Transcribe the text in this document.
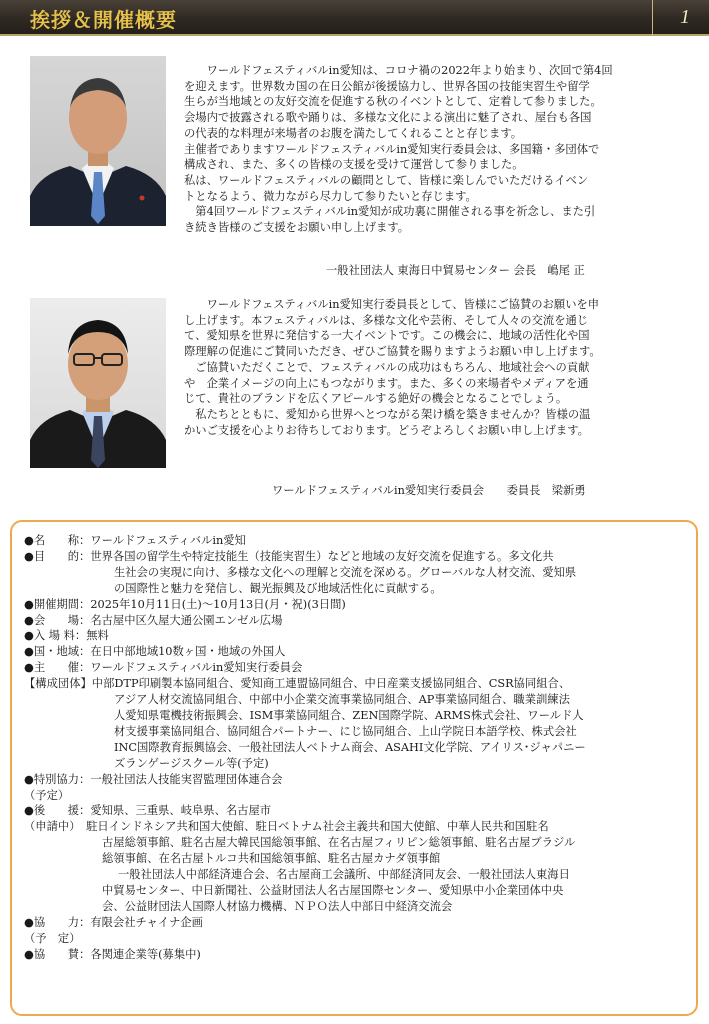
挨拶＆開催概要	1

　　ワールドフェスティバルin愛知は、コロナ禍の2022年より始まり、次回で第4回

を迎えます。世界数カ国の在日公館が後援協力し、世界各国の技能実習生や留学

生らが当地域との友好交流を促進する秋のイベントとして、定着して参りました。

会場内で披露される歌や踊りは、多様な文化による演出に魅了され、屋台も各国

の代表的な料理が来場者のお腹を満たしてくれることと存じます。

主催者でありますワールドフェスティバルin愛知実行委員会は、多国籍・多団体で

構成され、また、多くの皆様の支援を受けて運営して参りました。

私は、ワールドフェスティバルの顧問として、皆様に楽しんでいただけるイベン

トとなるよう、微力ながら尽力して参りたいと存じます。

　第4回ワールドフェスティバルin愛知が成功裏に開催される事を祈念し、また引

き続き皆様のご支援をお願い申し上げます。

一般社団法人 東海日中貿易センター 会長　嶋尾 正

　　ワールドフェスティバルin愛知実行委員長として、皆様にご協賛のお願いを申

し上げます。本フェスティバルは、多様な文化や芸術、そして人々の交流を通じ

て、愛知県を世界に発信する一大イベントです。この機会に、地域の活性化や国

際理解の促進にご賛同いただき、ぜひご協賛を賜りますようお願い申し上げます。

　ご協賛いただくことで、フェスティバルの成功はもちろん、地域社会への貢献

や　企業イメージの向上にもつながります。また、多くの来場者やメディアを通

じて、貴社のブランドを広くアピールする絶好の機会となることでしょう。

　私たちとともに、愛知から世界へとつながる架け橋を築きませんか？皆様の温

かいご支援を心よりお待ちしております。どうぞよろしくお願い申し上げます。

ワールドフェスティバルin愛知実行委員会　　委員長　梁新勇

●名　　称：ワールドフェスティバルin愛知

●目　　的：世界各国の留学生や特定技能生（技能実習生）などと地域の友好交流を促進する。多文化共

生社会の実現に向け、多様な文化への理解と交流を深める。グローバルな人材交流、愛知県

の国際性と魅力を発信し、観光振興及び地域活性化に貢献する。

●開催期間：2025年10月11日(土)～10月13日(月・祝)(3日間)

●会　　場：名古屋中区久屋大通公園エンゼル広場

●入 場 料：無料

●国・地域：在日中部地域10数ヶ国・地域の外国人

●主　　催：ワールドフェスティバルin愛知実行委員会

【構成団体】中部DTP印刷製本協同組合、愛知商工連盟協同組合、中日産業支援協同組合、CSR協同組合、

アジア人材交流協同組合、中部中小企業交流事業協同組合、AP事業協同組合、職業訓練法

人愛知県電機技術振興会、ISM事業協同組合、ZEN国際学院、ARMS株式会社、ワールド人

材支援事業協同組合、協同組合パートナー、にじ協同組合、上山学院日本語学校、株式会社

INC国際教育振興協会、一般社団法人ベトナム商会、ASAHI文化学院、アイリス･ジャパニー

ズランゲージスクール等(予定)

●特別協力：一般社団法人技能実習監理団体連合会

（予定）

●後　　援：愛知県、三重県、岐阜県、名古屋市

（申請中）　駐日インドネシア共和国大使館、駐日ベトナム社会主義共和国大使館、中華人民共和国駐名

古屋総領事館、駐名古屋大韓民国総領事館、在名古屋フィリピン総領事館、駐名古屋ブラジル

総領事館、在名古屋トルコ共和国総領事館、駐名古屋カナダ領事館

一般社団法人中部経済連合会、名古屋商工会議所、中部経済同友会、一般社団法人東海日

中貿易センター、中日新聞社、公益財団法人名古屋国際センター、愛知県中小企業団体中央

会、公益財団法人国際人材協力機構、ＮＰＯ法人中部日中経済交流会

●協　　力：有限会社チャイナ企画

（予　定）

●協　　賛：各関連企業等(募集中)
